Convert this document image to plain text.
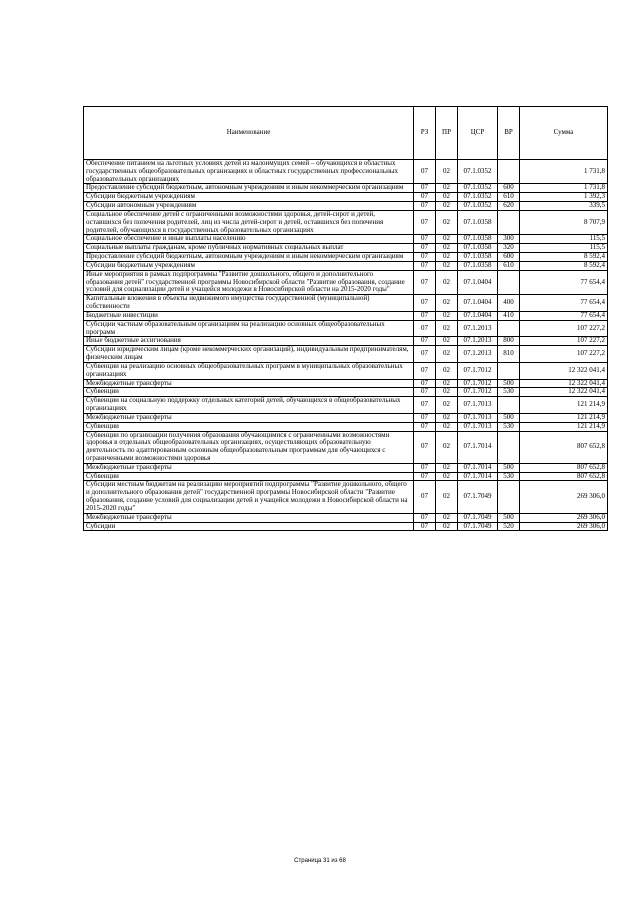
Наименование	РЗ	ПР	ЦСР	ВР	Сумма
Обеспечение питанием на льготных условиях детей из малоимущих семей – обучающихся в областных государственных общеобразовательных организациях и областных государственных профессиональных образовательных организациях	07	02	07.1.0352		1 731,8
Предоставление субсидий бюджетным, автономным учреждениям и иным некоммерческим организациям	07	02	07.1.0352	600	1 731,8
Субсидии бюджетным учреждениям	07	02	07.1.0352	610	1 392,3
Субсидии автономным учреждениям	07	02	07.1.0352	620	339,5
Социальное обеспечение детей с ограниченными возможностями здоровья, детей-сирот и детей, оставшихся без попечения родителей, лиц из числа детей-сирот и детей, оставшихся без попечения родителей, обучающихся в государственных образовательных организациях	07	02	07.1.0358		8 707,9
Социальное обеспечение и иные выплаты населению	07	02	07.1.0358	300	115,5
Социальные выплаты гражданам, кроме публичных нормативных социальных выплат	07	02	07.1.0358	320	115,5
Предоставление субсидий бюджетным, автономным учреждениям и иным некоммерческим организациям	07	02	07.1.0358	600	8 592,4
Субсидии бюджетным учреждениям	07	02	07.1.0358	610	8 592,4
Иные мероприятия в рамках подпрограммы "Развитие дошкольного, общего и дополнительного образования детей" государственной программы Новосибирской области "Развитие образования, создание условий для социализации детей и учащейся молодежи в Новосибирской области на 2015-2020 годы"	07	02	07.1.0404		77 654,4
Капитальные вложения в объекты недвижимого имущества государственной (муниципальной) собственности	07	02	07.1.0404	400	77 654,4
Бюджетные инвестиции	07	02	07.1.0404	410	77 654,4
Субсидии частным образовательным организациям на реализацию основных общеобразовательных программ	07	02	07.1.2013		107 227,2
Иные бюджетные ассигнования	07	02	07.1.2013	800	107 227,2
Субсидии юридическим лицам (кроме некоммерческих организаций), индивидуальным предпринимателям, физическим лицам	07	02	07.1.2013	810	107 227,2
Субвенции на реализацию основных общеобразовательных программ в муниципальных образовательных организациях	07	02	07.1.7012		12 322 041,4
Межбюджетные трансферты	07	02	07.1.7012	500	12 322 041,4
Субвенции	07	02	07.1.7012	530	12 322 041,4
Субвенции на социальную поддержку отдельных категорий детей, обучающихся в общеобразовательных организациях	07	02	07.1.7013		121 214,9
Межбюджетные трансферты	07	02	07.1.7013	500	121 214,9
Субвенции	07	02	07.1.7013	530	121 214,9
Субвенции по организации получения образования обучающимися с ограниченными возможностями здоровья в отдельных общеобразовательных организациях, осуществляющих образовательную деятельность по адаптированным основным общеобразовательным программам для обучающихся с ограниченными возможностями здоровья	07	02	07.1.7014		807 652,8
Межбюджетные трансферты	07	02	07.1.7014	500	807 652,8
Субвенции	07	02	07.1.7014	530	807 652,8
Субсидии местным бюджетам на реализацию мероприятий подпрограммы "Развитие дошкольного, общего и дополнительного образования детей" государственной программы Новосибирской области "Развитие образования, создание условий для социализации детей и учащейся молодежи в Новосибирской области на 2015-2020 годы"	07	02	07.1.7049		269 306,0
Межбюджетные трансферты	07	02	07.1.7049	500	269 306,0
Субсидии	07	02	07.1.7049	520	269 306,0
Страница 31 из 68
